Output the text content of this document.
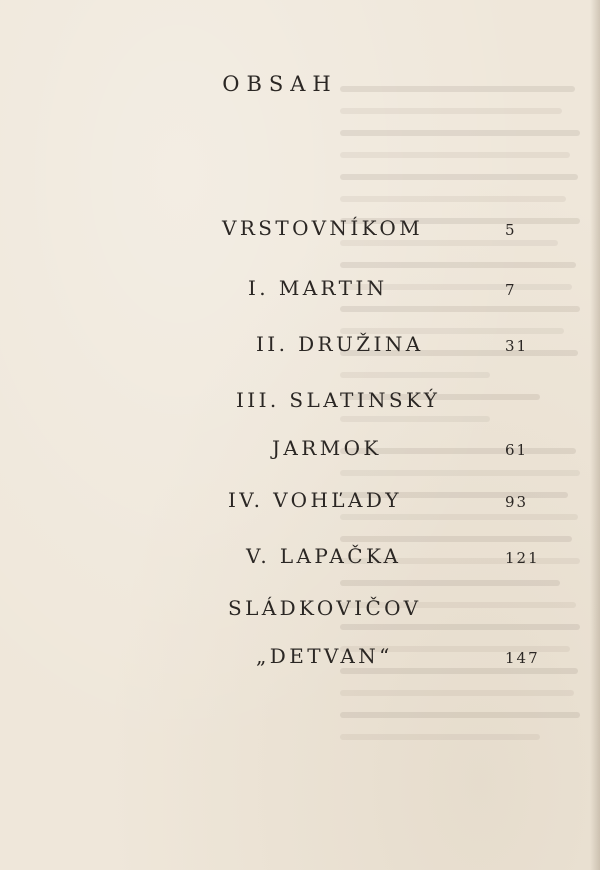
OBSAH
VRSTOVNÍKOM	5
I. MARTIN	7
II. DRUŽINA	31
III. SLATINSKÝ
JARMOK	61
IV. VOHĽADY	93
V. LAPAČKA	121
SLÁDKOVIČOV
„DETVAN“	147
